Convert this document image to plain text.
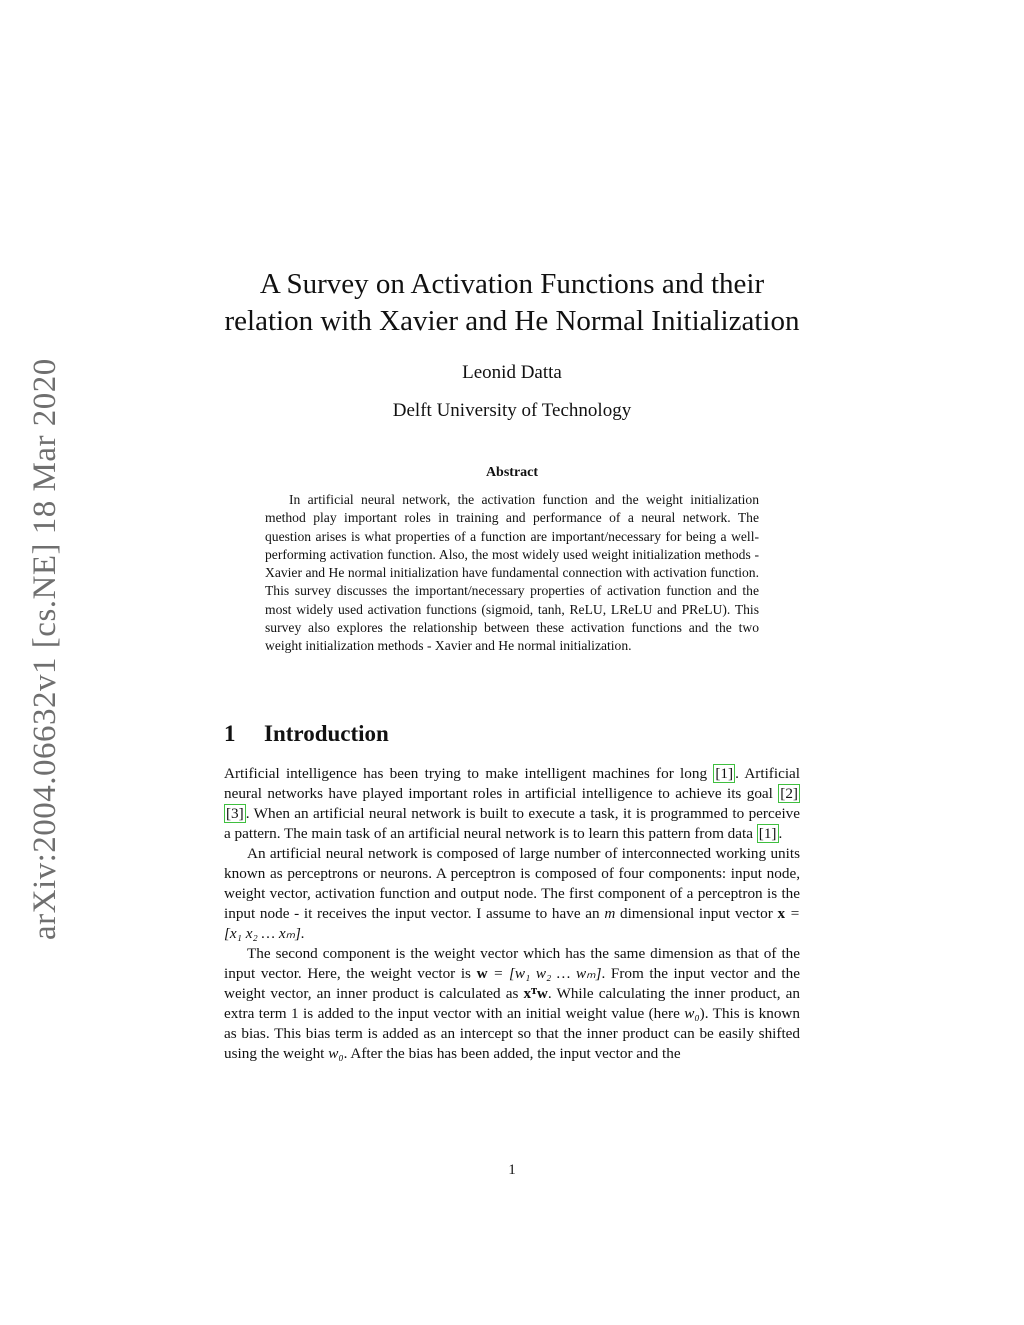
arXiv:2004.06632v1 [cs.NE] 18 Mar 2020
A Survey on Activation Functions and their
relation with Xavier and He Normal Initialization
Leonid Datta
Delft University of Technology
Abstract
In artificial neural network, the activation function and the weight initialization method play important roles in training and performance of a neural network. The question arises is what properties of a function are important/necessary for being a well-performing activation function. Also, the most widely used weight initialization methods - Xavier and He normal initialization have fundamental connection with activation function. This survey discusses the important/necessary properties of activation function and the most widely used activation functions (sigmoid, tanh, ReLU, LReLU and PReLU). This survey also explores the relationship between these activation functions and the two weight initialization methods - Xavier and He normal initialization.
1 Introduction

Artificial intelligence has been trying to make intelligent machines for long [1] . Artificial neural networks have played important roles in artificial intelligence to achieve its goal [2] [3] . When an artificial neural network is built to execute a task, it is programmed to perceive a pattern. The main task of an artificial neural network is to learn this pattern from data [1] .

An artificial neural network is composed of large number of interconnected working units known as perceptrons or neurons. A perceptron is composed of four components: input node, weight vector, activation function and output node. The first component of a perceptron is the input node - it receives the input vector. I assume to have an m dimensional input vector x = [x₁ x₂ … xₘ].

The second component is the weight vector which has the same dimension as that of the input vector. Here, the weight vector is w = [w₁ w₂ … wₘ]. From the input vector and the weight vector, an inner product is calculated as xᵀw. While calculating the inner product, an extra term 1 is added to the input vector with an initial weight value (here w₀). This is known as bias. This bias term is added as an intercept so that the inner product can be easily shifted using the weight w₀. After the bias has been added, the input vector and the

1
